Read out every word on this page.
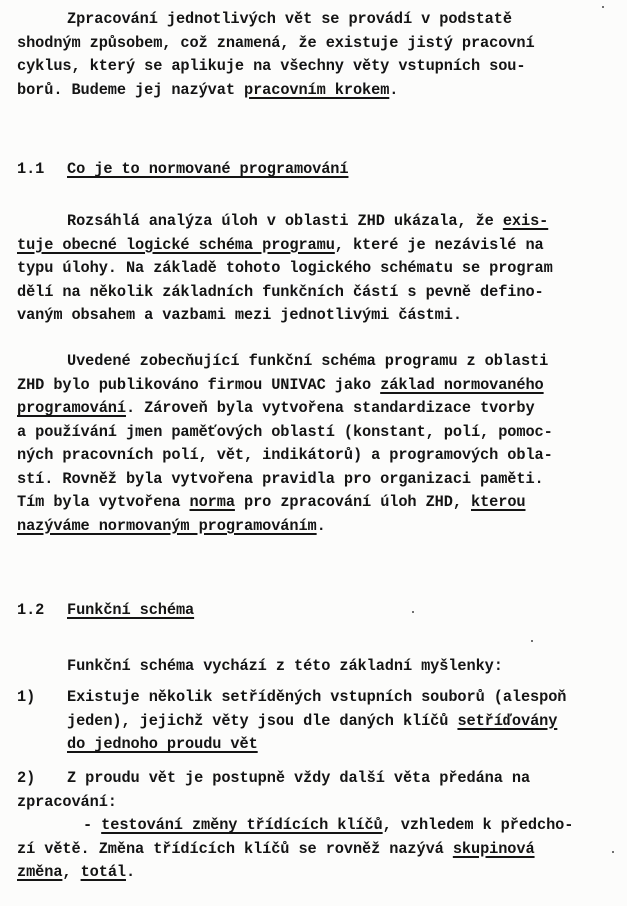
Zpracování jednotlivých vět se provádí v podstatě
shodným způsobem, což znamená, že existuje jistý pracovní
cyklus, který se aplikuje na všechny věty vstupních sou-
borů. Budeme jej nazývat pracovním krokem.
1.1 Co je to normované programování
Rozsáhlá analýza úloh v oblasti ZHD ukázala, že exis-
tuje obecné logické schéma programu, které je nezávislé na
typu úlohy. Na základě tohoto logického schématu se program
dělí na několik základních funkčních částí s pevně defino-
vaným obsahem a vazbami mezi jednotlivými částmi.
Uvedené zobecňující funkční schéma programu z oblasti
ZHD bylo publikováno firmou UNIVAC jako základ normovaného
programování. Zároveň byla vytvořena standardizace tvorby
a používání jmen paměťových oblastí (konstant, polí, pomoc-
ných pracovních polí, vět, indikátorů) a programových obla-
stí. Rovněž byla vytvořena pravidla pro organizaci paměti.
Tím byla vytvořena norma pro zpracování úloh ZHD, kterou
nazýváme normovaným programováním.
1.2 Funkční schéma
Funkční schéma vychází z této základní myšlenky:
1) Existuje několik setříděných vstupních souborů (alespoň
jeden), jejichž věty jsou dle daných klíčů setříďovány
do jednoho proudu vět
2) Z proudu vět je postupně vždy další věta předána na
zpracování:
- testování změny třídících klíčů, vzhledem k předcho-
zí větě. Změna třídících klíčů se rovněž nazývá skupinová
změna, totál.
